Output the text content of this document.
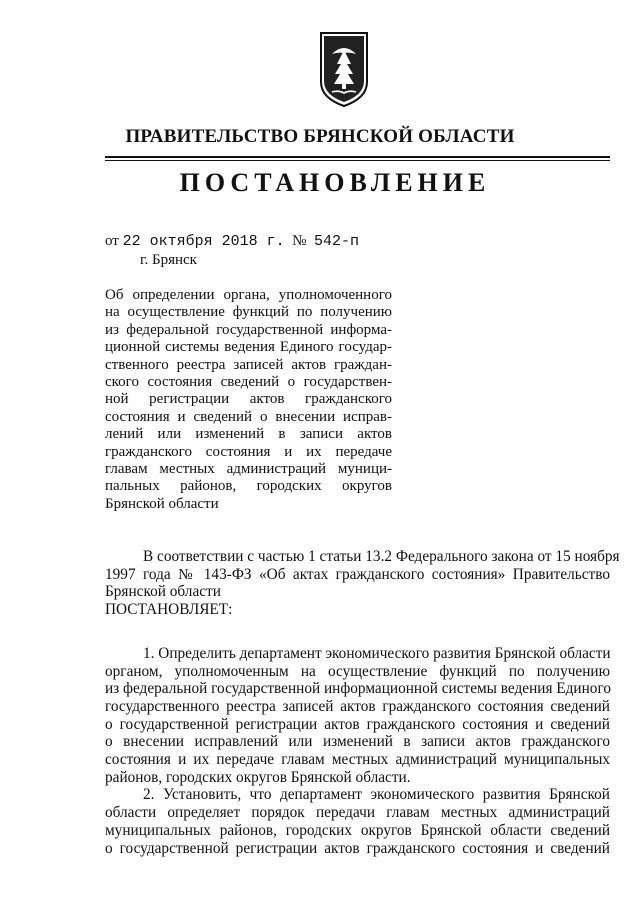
ПРАВИТЕЛЬСТВО БРЯНСКОЙ ОБЛАСТИ
ПОСТАНОВЛЕНИЕ
от 22 октября 2018 г. № 542-п
г. Брянск
Об определении органа, уполномоченного
на осуществление функций по получению
из федеральной государственной информа-
ционной системы ведения Единого государ-
ственного реестра записей актов граждан-
ского состояния сведений о государствен-
ной регистрации актов гражданского
состояния и сведений о внесении исправ-
лений или изменений в записи актов
гражданского состояния и их передаче
главам местных администраций муници-
пальных районов, городских округов
Брянской области
В соответствии с частью 1 статьи 13.2 Федерального закона от 15 ноября
1997 года № 143-ФЗ «Об актах гражданского состояния» Правительство
Брянской области
ПОСТАНОВЛЯЕТ:
1. Определить департамент экономического развития Брянской области
органом, уполномоченным на осуществление функций по получению
из федеральной государственной информационной системы ведения Единого
государственного реестра записей актов гражданского состояния сведений
о государственной регистрации актов гражданского состояния и сведений
о внесении исправлений или изменений в записи актов гражданского
состояния и их передаче главам местных администраций муниципальных
районов, городских округов Брянской области.
2. Установить, что департамент экономического развития Брянской
области определяет порядок передачи главам местных администраций
муниципальных районов, городских округов Брянской области сведений
о государственной регистрации актов гражданского состояния и сведений
